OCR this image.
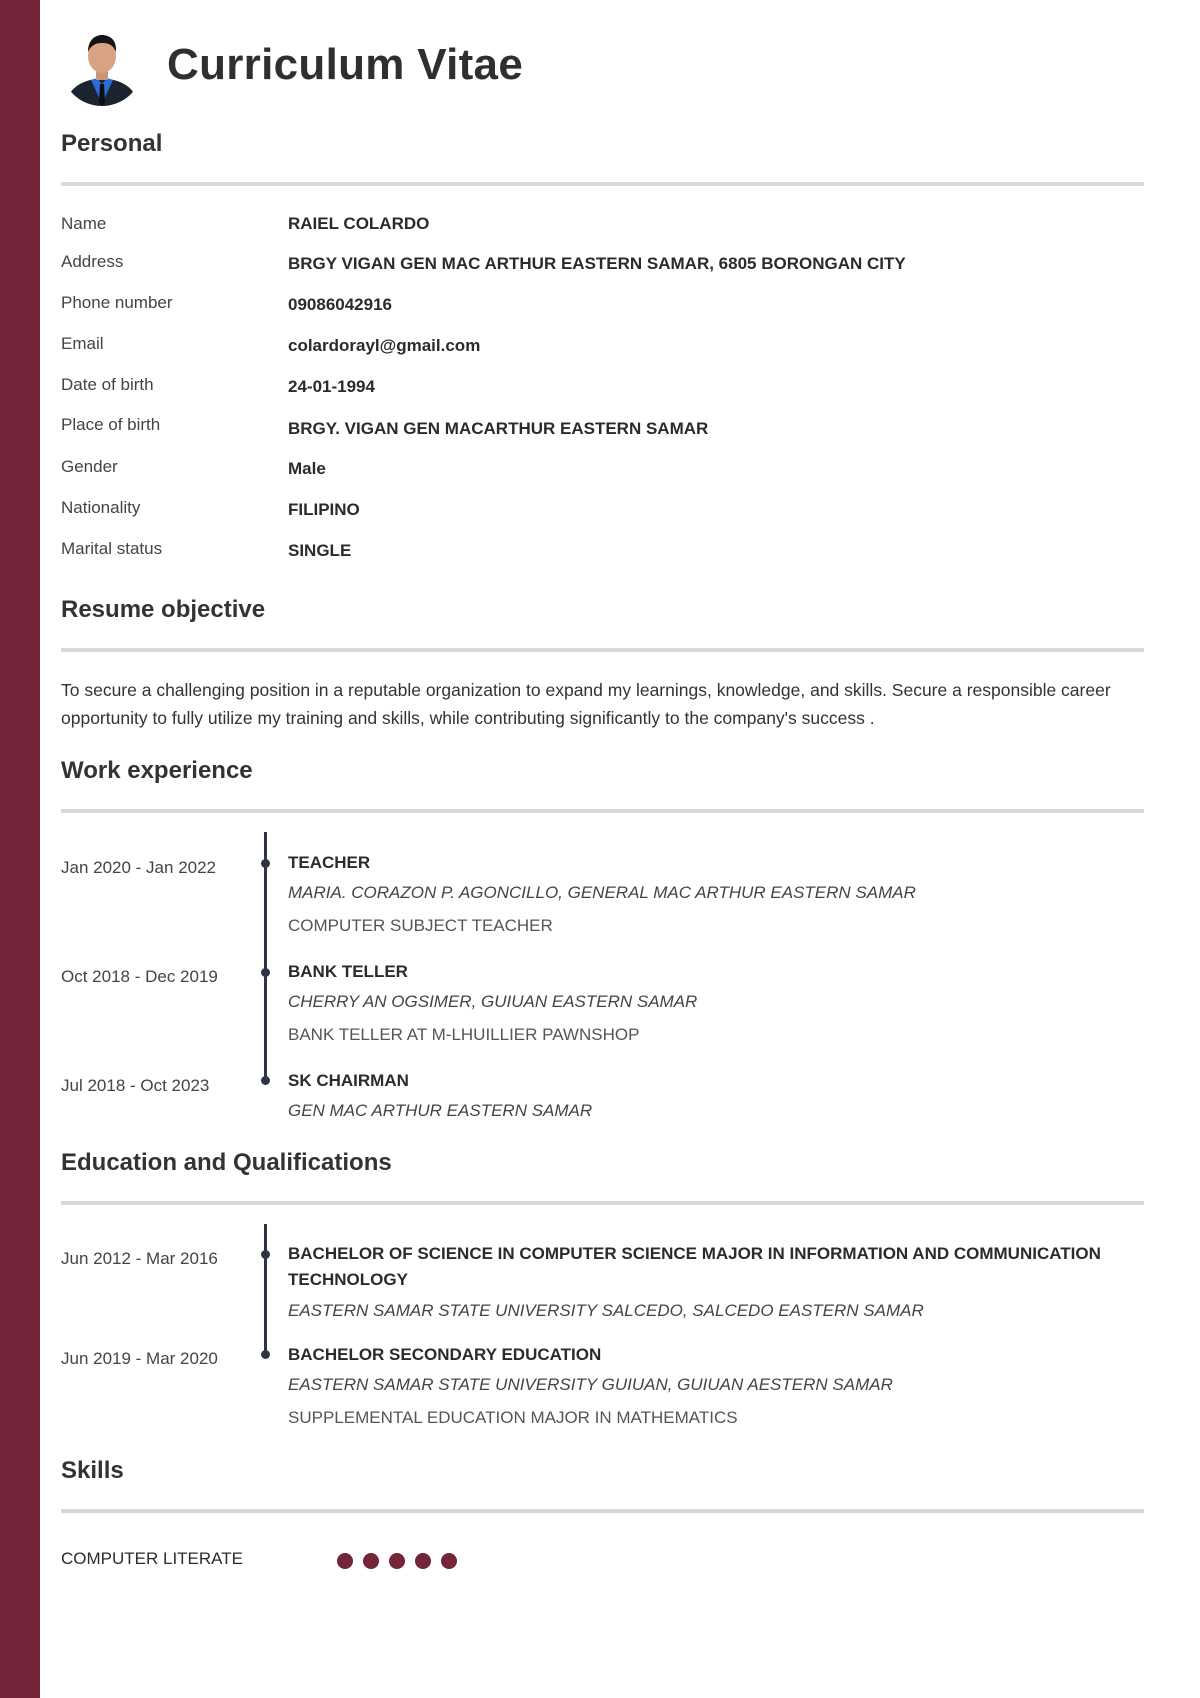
Curriculum Vitae
Personal
Name	RAIEL COLARDO
Address	BRGY VIGAN GEN MAC ARTHUR EASTERN SAMAR, 6805 BORONGAN CITY
Phone number	09086042916
Email	colardorayl@gmail.com
Date of birth	24-01-1994
Place of birth	BRGY. VIGAN GEN MACARTHUR EASTERN SAMAR
Gender	Male
Nationality	FILIPINO
Marital status	SINGLE
Resume objective
To secure a challenging position in a reputable organization to expand my learnings, knowledge, and skills. Secure a responsible career opportunity to fully utilize my training and skills, while contributing significantly to the company's success .
Work experience
Jan 2020 - Jan 2022	TEACHER
MARIA. CORAZON P. AGONCILLO, GENERAL MAC ARTHUR EASTERN SAMAR
COMPUTER SUBJECT TEACHER
Oct 2018 - Dec 2019	BANK TELLER
CHERRY AN OGSIMER, GUIUAN EASTERN SAMAR
BANK TELLER AT M-LHUILLIER PAWNSHOP
Jul 2018 - Oct 2023	SK CHAIRMAN
GEN MAC ARTHUR EASTERN SAMAR
Education and Qualifications
Jun 2012 - Mar 2016	BACHELOR OF SCIENCE IN COMPUTER SCIENCE MAJOR IN INFORMATION AND COMMUNICATION TECHNOLOGY
EASTERN SAMAR STATE UNIVERSITY SALCEDO, SALCEDO EASTERN SAMAR
Jun 2019 - Mar 2020	BACHELOR SECONDARY EDUCATION
EASTERN SAMAR STATE UNIVERSITY GUIUAN, GUIUAN AESTERN SAMAR
SUPPLEMENTAL EDUCATION MAJOR IN MATHEMATICS
Skills
COMPUTER LITERATE
